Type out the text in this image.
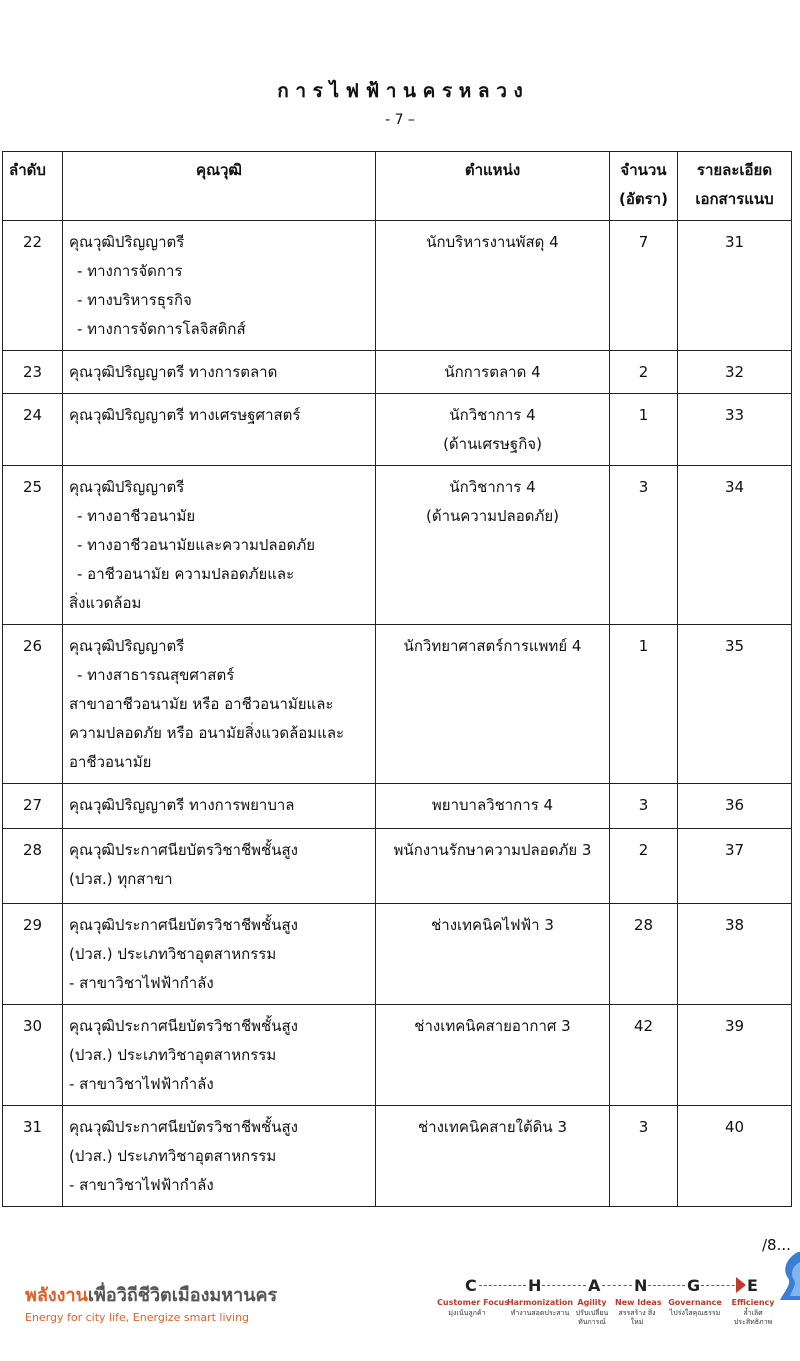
ก า ร ไ ฟ ฟ้ า น ค ร ห ล ว ง
- 7 –
ลำดับ	คุณวุฒิ	ตำแหน่ง	จำนวน
(อัตรา)	รายละเอียด
เอกสารแนบ

22	คุณวุฒิปริญญาตรี
- ทางการจัดการ
- ทางบริหารธุรกิจ
- ทางการจัดการโลจิสติกส์	นักบริหารงานพัสดุ 4	7	31
23	คุณวุฒิปริญญาตรี ทางการตลาด	นักการตลาด 4	2	32
24	คุณวุฒิปริญญาตรี ทางเศรษฐศาสตร์	นักวิชาการ 4
(ด้านเศรษฐกิจ)	1	33
25	คุณวุฒิปริญญาตรี
- ทางอาชีวอนามัย
- ทางอาชีวอนามัยและความปลอดภัย
- อาชีวอนามัย ความปลอดภัยและ
สิ่งแวดล้อม	นักวิชาการ 4
(ด้านความปลอดภัย)	3	34
26	คุณวุฒิปริญญาตรี
- ทางสาธารณสุขศาสตร์
สาขาอาชีวอนามัย หรือ อาชีวอนามัยและ
ความปลอดภัย หรือ อนามัยสิ่งแวดล้อมและ
อาชีวอนามัย	นักวิทยาศาสตร์การแพทย์ 4	1	35
27	คุณวุฒิปริญญาตรี ทางการพยาบาล	พยาบาลวิชาการ 4	3	36
28	คุณวุฒิประกาศนียบัตรวิชาชีพชั้นสูง
(ปวส.) ทุกสาขา	พนักงานรักษาความปลอดภัย 3	2	37
29	คุณวุฒิประกาศนียบัตรวิชาชีพชั้นสูง
(ปวส.) ประเภทวิชาอุตสาหกรรม
- สาขาวิชาไฟฟ้ากำลัง	ช่างเทคนิคไฟฟ้า 3	28	38
30	คุณวุฒิประกาศนียบัตรวิชาชีพชั้นสูง
(ปวส.) ประเภทวิชาอุตสาหกรรม
- สาขาวิชาไฟฟ้ากำลัง	ช่างเทคนิคสายอากาศ 3	42	39
31	คุณวุฒิประกาศนียบัตรวิชาชีพชั้นสูง
(ปวส.) ประเภทวิชาอุตสาหกรรม
- สาขาวิชาไฟฟ้ากำลัง	ช่างเทคนิคสายใต้ดิน 3	3	40
/8...
พลังงานเพื่อวิถีชีวิตเมืองมหานคร
Energy for city life, Energize smart living
C
Customer Focus
มุ่งเน้นลูกค้า
H
Harmonization
ทำงานสอดประสาน
A
Agility
ปรับเปลี่ยน ทันการณ์
N
New Ideas
สรรสร้าง สิ่งใหม่
G
Governance
ไปร่งใสคุณธรรม
E
Efficiency
ล้ำเลิศ ประสิทธิภาพ
